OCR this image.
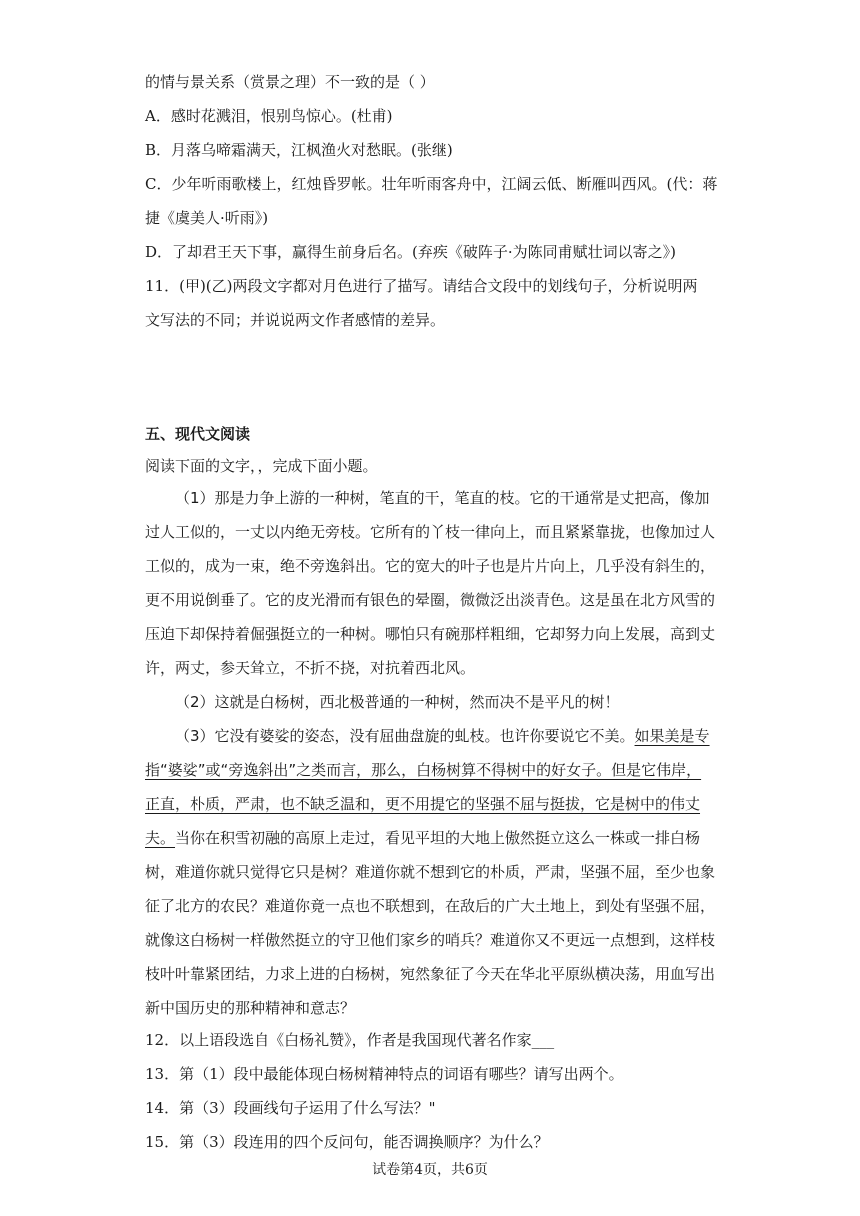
的情与景关系（赏景之理）不一致的是（ ）
A．感时花溅泪，恨别鸟惊心。(杜甫)
B．月落乌啼霜满天，江枫渔火对愁眠。(张继)
C．少年听雨歌楼上，红烛昏罗帐。壮年听雨客舟中，江阔云低、断雁叫西风。(代：蒋
捷《虞美人·听雨》)
D．了却君王天下事，赢得生前身后名。(弃疾《破阵子·为陈同甫赋壮词以寄之》)
11．(甲)(乙)两段文字都对月色进行了描写。请结合文段中的划线句子，分析说明两
文写法的不同；并说说两文作者感情的差异。
五、现代文阅读
阅读下面的文字，，完成下面小题。
（1）那是力争上游的一种树，笔直的干，笔直的枝。它的干通常是丈把高，像加过人工似的，一丈以内绝无旁枝。它所有的丫枝一律向上，而且紧紧靠拢，也像加过人工似的，成为一束，绝不旁逸斜出。它的宽大的叶子也是片片向上，几乎没有斜生的，更不用说倒垂了。它的皮光滑而有银色的晕圈，微微泛出淡青色。这是虽在北方风雪的压迫下却保持着倔强挺立的一种树。哪怕只有碗那样粗细，它却努力向上发展，高到丈许，两丈，参天耸立，不折不挠，对抗着西北风。
（2）这就是白杨树，西北极普通的一种树，然而决不是平凡的树！
（3）它没有婆娑的姿态，没有屈曲盘旋的虬枝。也许你要说它不美。如果美是专指“婆娑”或“旁逸斜出”之类而言，那么，白杨树算不得树中的好女子。但是它伟岸，正直，朴质，严肃，也不缺乏温和，更不用提它的坚强不屈与挺拔，它是树中的伟丈夫。当你在积雪初融的高原上走过，看见平坦的大地上傲然挺立这么一株或一排白杨树，难道你就只觉得它只是树？难道你就不想到它的朴质，严肃，坚强不屈，至少也象征了北方的农民？难道你竟一点也不联想到，在敌后的广大土地上，到处有坚强不屈，就像这白杨树一样傲然挺立的守卫他们家乡的哨兵？难道你又不更远一点想到，这样枝枝叶叶靠紧团结，力求上进的白杨树，宛然象征了今天在华北平原纵横决荡，用血写出新中国历史的那种精神和意志？
12．以上语段选自《白杨礼赞》，作者是我国现代著名作家___
13．第（1）段中最能体现白杨树精神特点的词语有哪些？请写出两个。
14．第（3）段画线句子运用了什么写法？"
15．第（3）段连用的四个反问句，能否调换顺序？为什么？
试卷第4页，共6页
